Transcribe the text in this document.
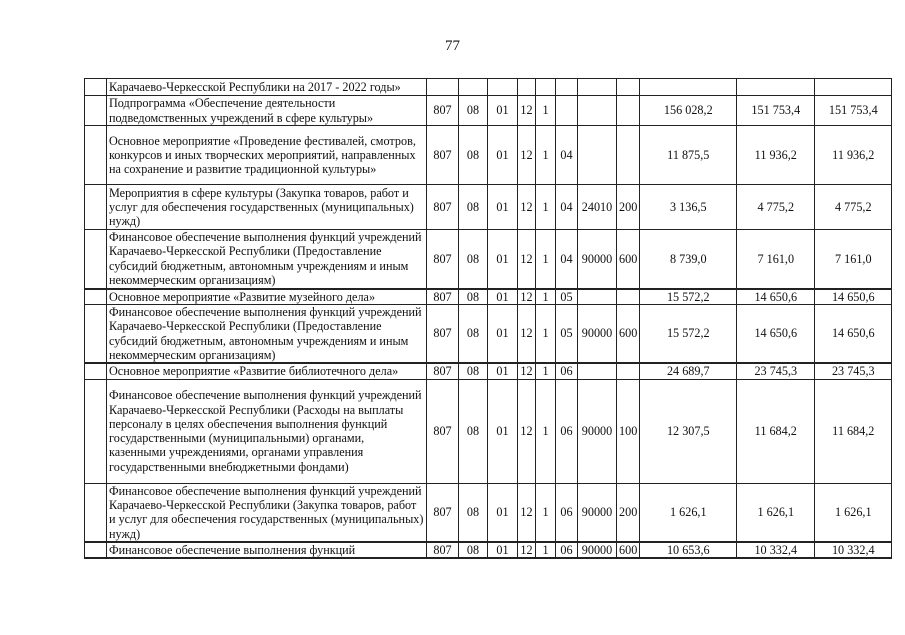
77
	Карачаево-Черкесской Республики на 2017 - 2022 годы»											
	Подпрограмма «Обеспечение деятельности подведомственных учреждений в сфере культуры»	807	08	01	12	1				156 028,2	151 753,4	151 753,4
	Основное мероприятие «Проведение фестивалей, смотров, конкурсов и иных творческих мероприятий, направленных на сохранение и развитие традиционной культуры»	807	08	01	12	1	04			11 875,5	11 936,2	11 936,2
	Мероприятия в сфере культуры (Закупка товаров, работ и услуг для обеспечения государственных (муниципальных) нужд)	807	08	01	12	1	04	24010	200	3 136,5	4 775,2	4 775,2
	Финансовое обеспечение выполнения функций учреждений Карачаево-Черкесской Республики (Предоставление субсидий бюджетным, автономным учреждениям и иным некоммерческим организациям)	807	08	01	12	1	04	90000	600	8 739,0	7 161,0	7 161,0
	Основное мероприятие «Развитие музейного дела»	807	08	01	12	1	05			15 572,2	14 650,6	14 650,6
	Финансовое обеспечение выполнения функций учреждений Карачаево-Черкесской Республики (Предоставление субсидий бюджетным, автономным учреждениям и иным некоммерческим организациям)	807	08	01	12	1	05	90000	600	15 572,2	14 650,6	14 650,6
	Основное мероприятие «Развитие библиотечного дела»	807	08	01	12	1	06			24 689,7	23 745,3	23 745,3
	Финансовое обеспечение выполнения функций учреждений Карачаево-Черкесской Республики (Расходы на выплаты персоналу в целях обеспечения выполнения функций государственными (муниципальными) органами, казенными учреждениями, органами управления государственными внебюджетными фондами)	807	08	01	12	1	06	90000	100	12 307,5	11 684,2	11 684,2
	Финансовое обеспечение выполнения функций учреждений Карачаево-Черкесской Республики (Закупка товаров, работ и услуг для обеспечения государственных (муниципальных) нужд)	807	08	01	12	1	06	90000	200	1 626,1	1 626,1	1 626,1
	Финансовое обеспечение выполнения функций	807	08	01	12	1	06	90000	600	10 653,6	10 332,4	10 332,4
